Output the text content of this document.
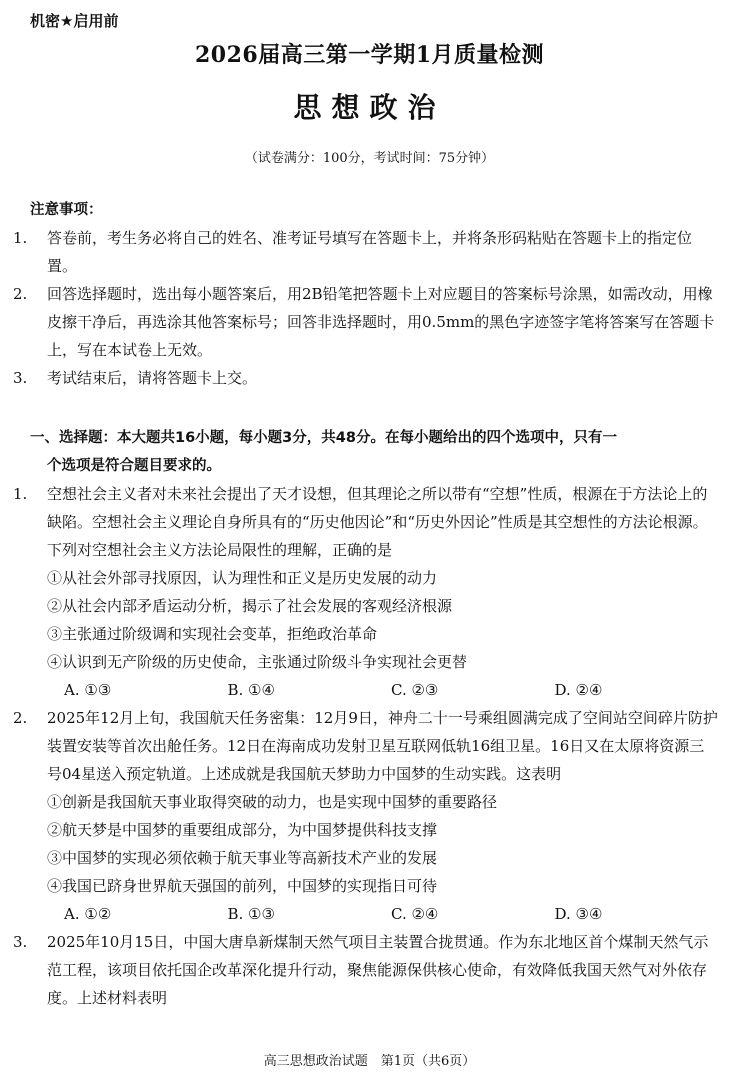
机密★启用前
2026届高三第一学期1月质量检测
思想政治
（试卷满分：100分，考试时间：75分钟）

注意事项：

1. 答卷前，考生务必将自己的姓名、准考证号填写在答题卡上，并将条形码粘贴在答题卡上的指定位置。

2. 回答选择题时，选出每小题答案后，用2B铅笔把答题卡上对应题目的答案标号涂黑，如需改动，用橡皮擦干净后，再选涂其他答案标号；回答非选择题时，用0.5mm的黑色字迹签字笔将答案写在答题卡上，写在本试卷上无效。

3. 考试结束后，请将答题卡上交。

一、选择题：本大题共16小题，每小题3分，共48分。在每小题给出的四个选项中，只有一

个选项是符合题目要求的。

1. 空想社会主义者对未来社会提出了天才设想，但其理论之所以带有“空想”性质，根源在于方法论上的缺陷。空想社会主义理论自身所具有的“历史他因论”和“历史外因论”性质是其空想性的方法论根源。下列对空想社会主义方法论局限性的理解，正确的是

①从社会外部寻找原因，认为理性和正义是历史发展的动力

②从社会内部矛盾运动分析，揭示了社会发展的客观经济根源

③主张通过阶级调和实现社会变革，拒绝政治革命

④认识到无产阶级的历史使命，主张通过阶级斗争实现社会更替

A. ①③	B. ①④	C. ②③	D. ②④

2. 2025年12月上旬，我国航天任务密集：12月9日，神舟二十一号乘组圆满完成了空间站空间碎片防护装置安装等首次出舱任务。12日在海南成功发射卫星互联网低轨16组卫星。16日又在太原将资源三号04星送入预定轨道。上述成就是我国航天梦助力中国梦的生动实践。这表明

①创新是我国航天事业取得突破的动力，也是实现中国梦的重要路径

②航天梦是中国梦的重要组成部分，为中国梦提供科技支撑

③中国梦的实现必须依赖于航天事业等高新技术产业的发展

④我国已跻身世界航天强国的前列，中国梦的实现指日可待

A. ①②	B. ①③	C. ②④	D. ③④

3. 2025年10月15日，中国大唐阜新煤制天然气项目主装置合拢贯通。作为东北地区首个煤制天然气示范工程，该项目依托国企改革深化提升行动，聚焦能源保供核心使命，有效降低我国天然气对外依存度。上述材料表明

高三思想政治试题　第1页（共6页）
